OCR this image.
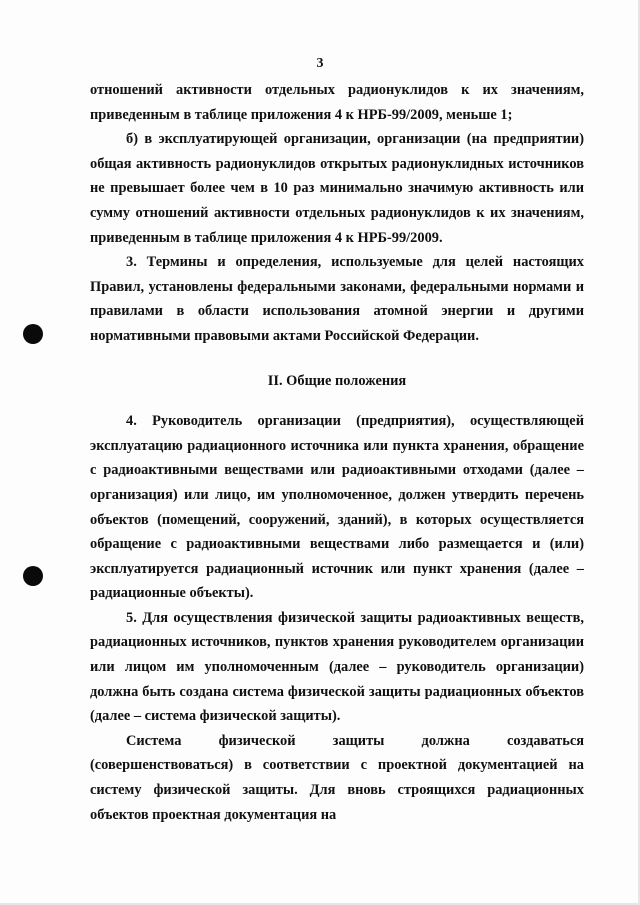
3

отношений активности отдельных радионуклидов к их значениям, приведенным в таблице приложения 4 к НРБ-99/2009, меньше 1;

б) в эксплуатирующей организации, организации (на предприятии) общая активность радионуклидов открытых радионуклидных источников не превышает более чем в 10 раз минимально значимую активность или сумму отношений активности отдельных радионуклидов к их значениям, приведенным в таблице приложения 4 к НРБ-99/2009.

3. Термины и определения, используемые для целей настоящих Правил, установлены федеральными законами, федеральными нормами и правилами в области использования атомной энергии и другими нормативными правовыми актами Российской Федерации.

II. Общие положения

4. Руководитель организации (предприятия), осуществляющей эксплуатацию радиационного источника или пункта хранения, обращение с радиоактивными веществами или радиоактивными отходами (далее – организация) или лицо, им уполномоченное, должен утвердить перечень объектов (помещений, сооружений, зданий), в которых осуществляется обращение с радиоактивными веществами либо размещается и (или) эксплуатируется радиационный источник или пункт хранения (далее – радиационные объекты).

5. Для осуществления физической защиты радиоактивных веществ, радиационных источников, пунктов хранения руководителем организации или лицом им уполномоченным (далее – руководитель организации) должна быть создана система физической защиты радиационных объектов (далее – система физической защиты).

Система физической защиты должна создаваться (совершенствоваться) в соответствии с проектной документацией на систему физической защиты. Для вновь строящихся радиационных объектов проектная документация на
